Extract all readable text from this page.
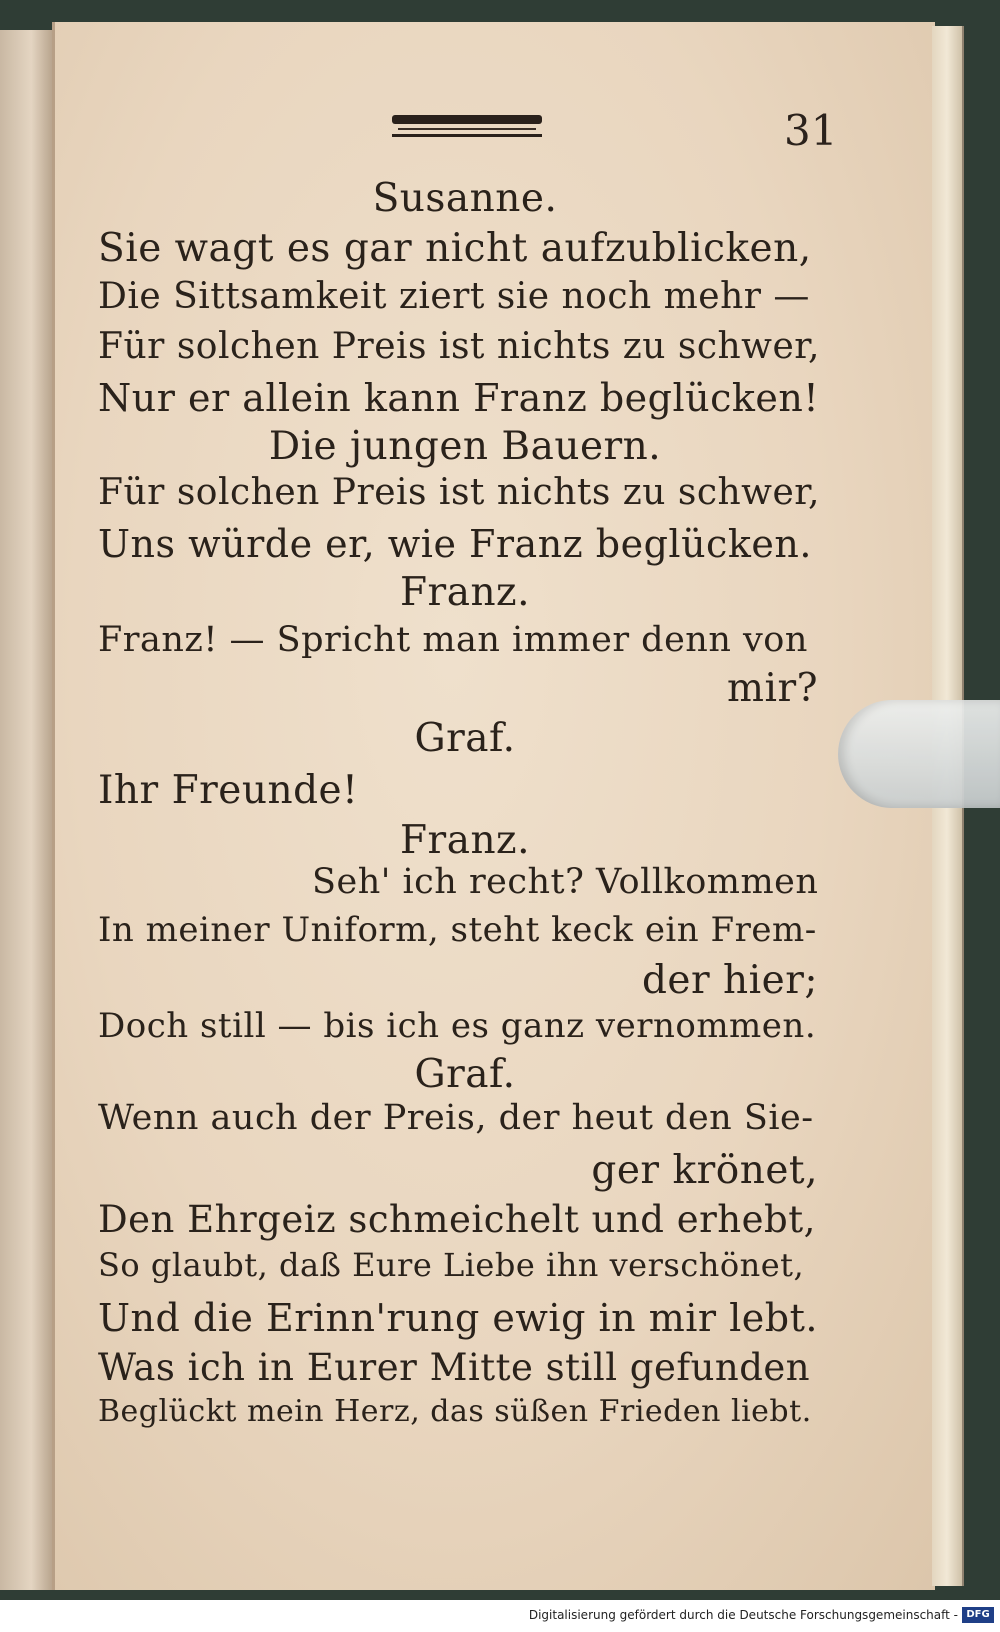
31
Susanne.
Sie wagt es gar nicht aufzublicken,
Die Sittsamkeit ziert sie noch mehr —
Für solchen Preis ist nichts zu schwer,
Nur er allein kann Franz beglücken!
Die jungen Bauern.
Für solchen Preis ist nichts zu schwer,
Uns würde er, wie Franz beglücken.
Franz.
Franz! — Spricht man immer denn von
mir?
Graf.
Ihr Freunde!
Franz.
Seh' ich recht? Vollkommen
In meiner Uniform, steht keck ein Frem-
der hier;
Doch still — bis ich es ganz vernommen.
Graf.
Wenn auch der Preis, der heut den Sie-
ger krönet,
Den Ehrgeiz schmeichelt und erhebt,
So glaubt, daß Eure Liebe ihn verschönet,
Und die Erinn'rung ewig in mir lebt.
Was ich in Eurer Mitte still gefunden
Beglückt mein Herz, das süßen Frieden liebt.
Digitalisierung gefördert durch die Deutsche Forschungsgemeinschaft - DFG
